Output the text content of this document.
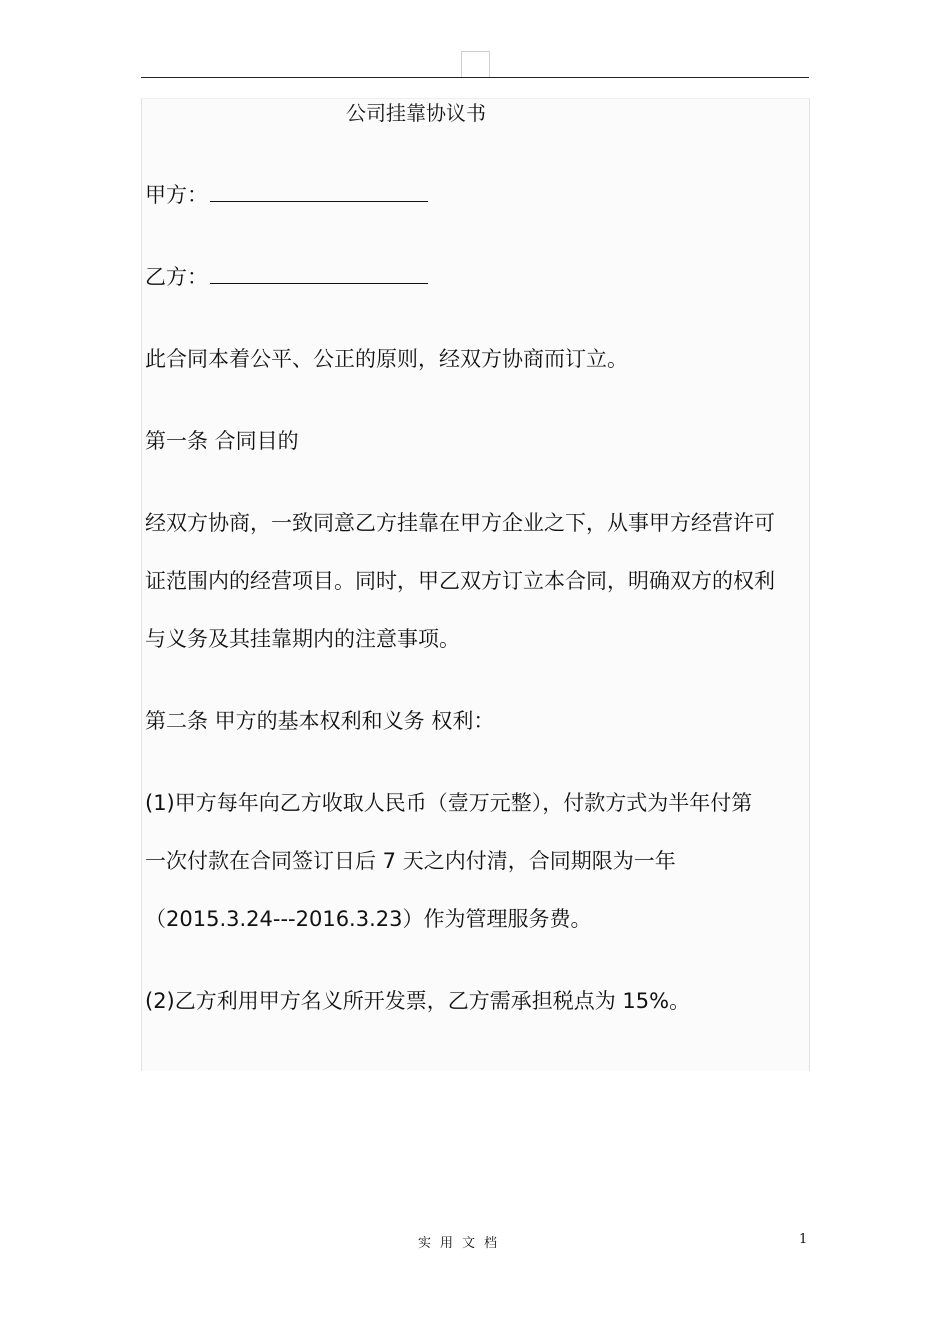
公司挂靠协议书
甲方：
乙方：
此合同本着公平、公正的原则，经双方协商而订立。
第一条 合同目的
经双方协商，一致同意乙方挂靠在甲方企业之下，从事甲方经营许可
证范围内的经营项目。同时，甲乙双方订立本合同，明确双方的权利
与义务及其挂靠期内的注意事项。
第二条 甲方的基本权利和义务 权利：
(1)甲方每年向乙方收取人民币（壹万元整），付款方式为半年付第
一次付款在合同签订日后 7 天之内付清，合同期限为一年
（2015.3.24---2016.3.23）作为管理服务费。
(2)乙方利用甲方名义所开发票，乙方需承担税点为 15%。
实用文档	1
